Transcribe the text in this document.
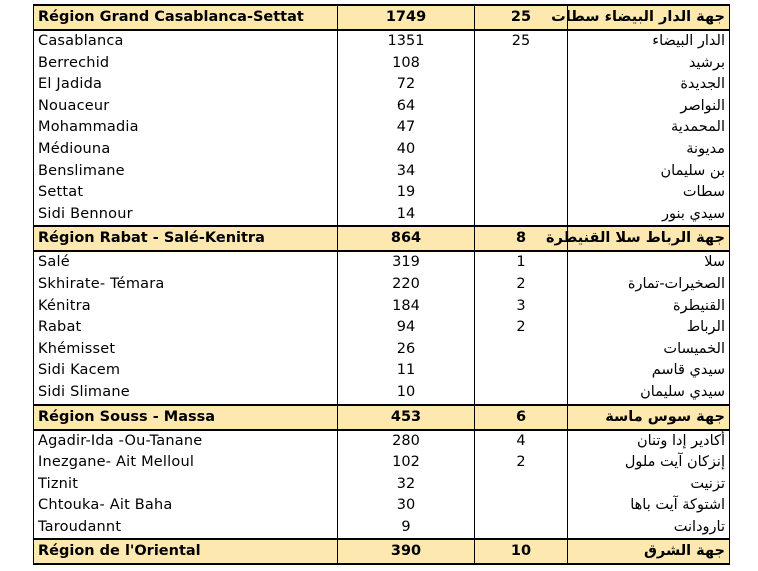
Région Grand Casablanca-Settat	1749	25	جهة الدار البيضاء سطات
Casablanca	1351	25	الدار البيضاء
Berrechid	108		برشيد
El Jadida	72		الجديدة
Nouaceur	64		النواصر
Mohammadia	47		المحمدية
Médiouna	40		مديونة
Benslimane	34		بن سليمان
Settat	19		سطات
Sidi Bennour	14		سيدي بنور
Région Rabat - Salé-Kenitra	864	8	جهة الرباط سلا القنيطرة
Salé	319	1	سلا
Skhirate- Témara	220	2	الصخيرات-تمارة
Kénitra	184	3	القنيطرة
Rabat	94	2	الرباط
Khémisset	26		الخميسات
Sidi Kacem	11		سيدي قاسم
Sidi Slimane	10		سيدي سليمان
Région Souss - Massa	453	6	جهة سوس ماسة
Agadir-Ida -Ou-Tanane	280	4	أكادير إدا وتنان
Inezgane- Ait Melloul	102	2	إنزكان آيت ملول
Tiznit	32		تزنيت
Chtouka- Ait Baha	30		اشتوكة آيت باها
Taroudannt	9		تارودانت
Région de l'Oriental	390	10	جهة الشرق
